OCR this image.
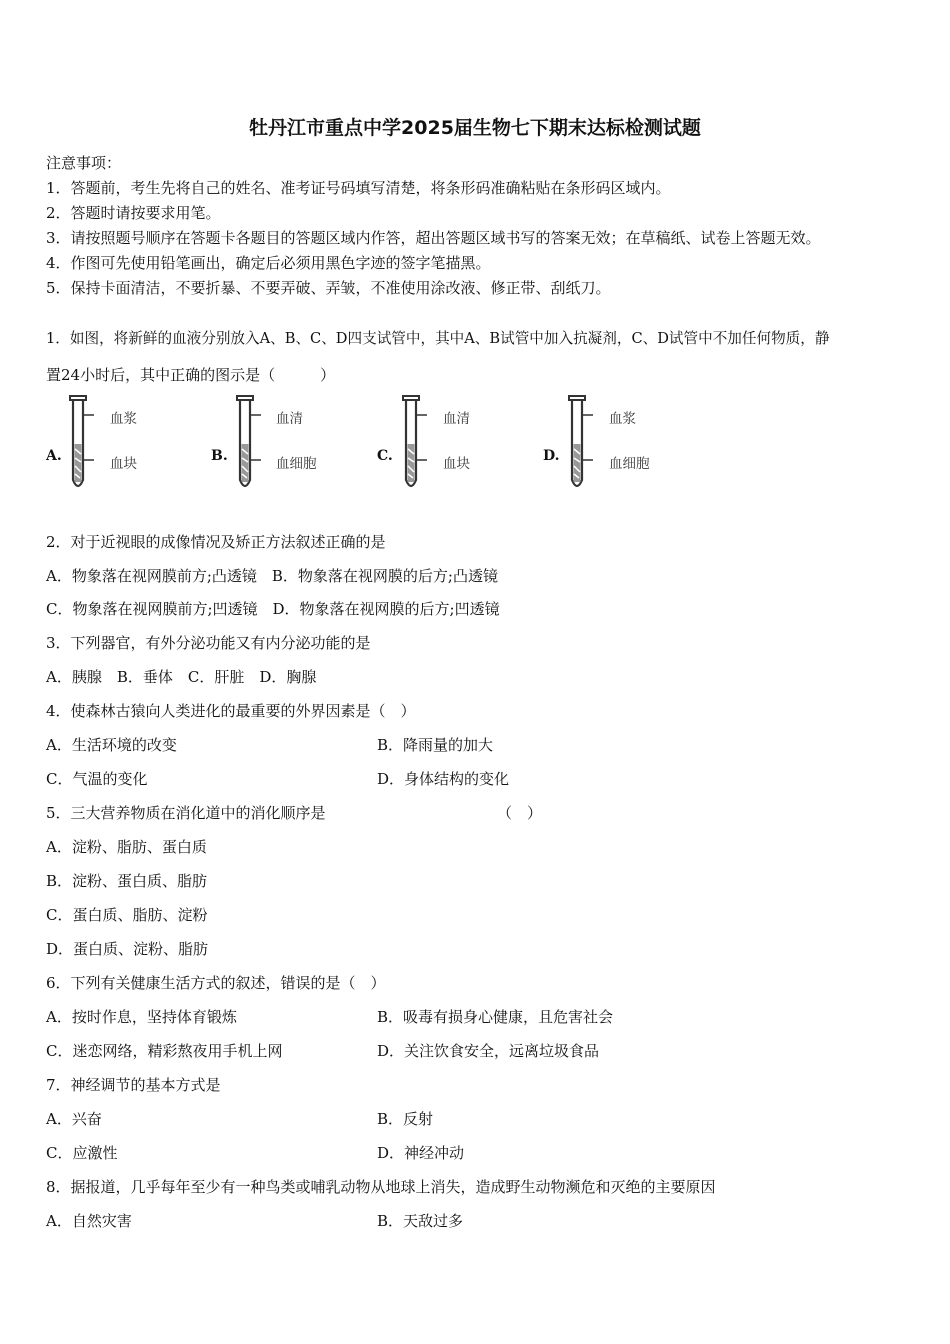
牡丹江市重点中学2025届生物七下期末达标检测试题
注意事项：
1．答题前，考生先将自己的姓名、准考证号码填写清楚，将条形码准确粘贴在条形码区域内。
2．答题时请按要求用笔。
3．请按照题号顺序在答题卡各题目的答题区域内作答，超出答题区域书写的答案无效；在草稿纸、试卷上答题无效。
4．作图可先使用铅笔画出，确定后必须用黑色字迹的签字笔描黑。
5．保持卡面清洁，不要折暴、不要弄破、弄皱，不准使用涂改液、修正带、刮纸刀。
1．如图，将新鲜的血液分别放入A、B、C、D四支试管中，其中A、B试管中加入抗凝剂，C、D试管中不加任何物质，静
置24小时后，其中正确的图示是（　　　）
A.
血浆
血块	B.
血清
血细胞	C.
血清
血块	D.
血浆
血细胞
2．对于近视眼的成像情况及矫正方法叙述正确的是
A．物象落在视网膜前方;凸透镜　B．物象落在视网膜的后方;凸透镜
C．物象落在视网膜前方;凹透镜　D．物象落在视网膜的后方;凹透镜
3．下列器官，有外分泌功能又有内分泌功能的是
A．胰腺　B．垂体　C．肝脏　D．胸腺
4．使森林古猿向人类进化的最重要的外界因素是（　）
A．生活环境的改变	B．降雨量的加大
C．气温的变化	D．身体结构的变化
5．三大营养物质在消化道中的消化顺序是	（　）
A．淀粉、脂肪、蛋白质
B．淀粉、蛋白质、脂肪
C．蛋白质、脂肪、淀粉
D．蛋白质、淀粉、脂肪
6．下列有关健康生活方式的叙述，错误的是（　）
A．按时作息，坚持体育锻炼	B．吸毒有损身心健康，且危害社会
C．迷恋网络，精彩熬夜用手机上网	D．关注饮食安全，远离垃圾食品
7．神经调节的基本方式是
A．兴奋	B．反射
C．应激性	D．神经冲动
8．据报道，几乎每年至少有一种鸟类或哺乳动物从地球上消失，造成野生动物濒危和灭绝的主要原因
A．自然灾害	B．天敌过多
